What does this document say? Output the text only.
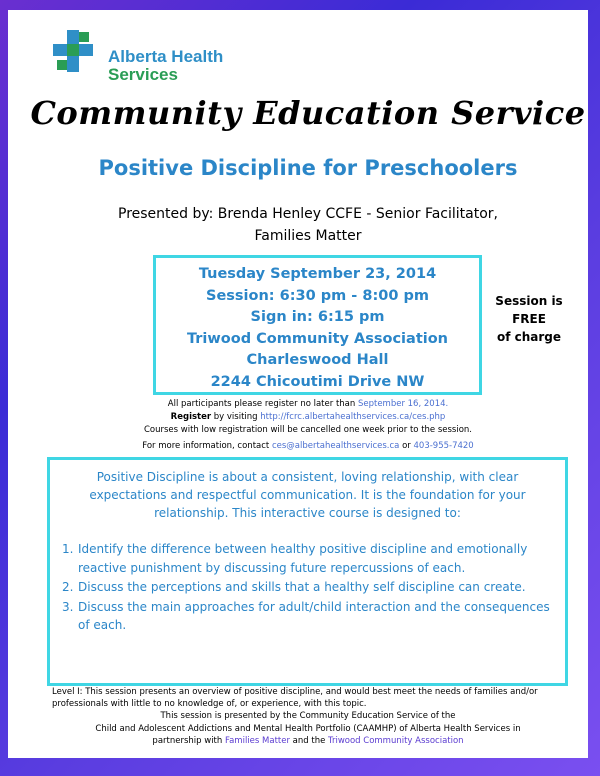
Alberta Health
Services
Community Education Service
Positive Discipline for Preschoolers
Presented by: Brenda Henley CCFE - Senior Facilitator,
Families Matter
Tuesday September 23, 2014
Session: 6:30 pm - 8:00 pm
Sign in: 6:15 pm
Triwood Community Association
Charleswood Hall
2244 Chicoutimi Drive NW
Session is
FREE
of charge
All participants please register no later than September 16, 2014.
Register by visiting http://fcrc.albertahealthservices.ca/ces.php
Courses with low registration will be cancelled one week prior to the session.
For more information, contact ces@albertahealthservices.ca or 403-955-7420
Positive Discipline is about a consistent, loving relationship, with clear expectations and respectful communication. It is the foundation for your relationship. This interactive course is designed to:
1. Identify the difference between healthy positive discipline and emotionally reactive punishment by discussing future repercussions of each.
2. Discuss the perceptions and skills that a healthy self discipline can create.
3. Discuss the main approaches for adult/child interaction and the consequences of each.
Level I: This session presents an overview of positive discipline, and would best meet the needs of families and/or professionals with little to no knowledge of, or experience, with this topic.
This session is presented by the Community Education Service of the
Child and Adolescent Addictions and Mental Health Portfolio (CAAMHP) of Alberta Health Services in
partnership with Families Matter and the Triwood Community Association
